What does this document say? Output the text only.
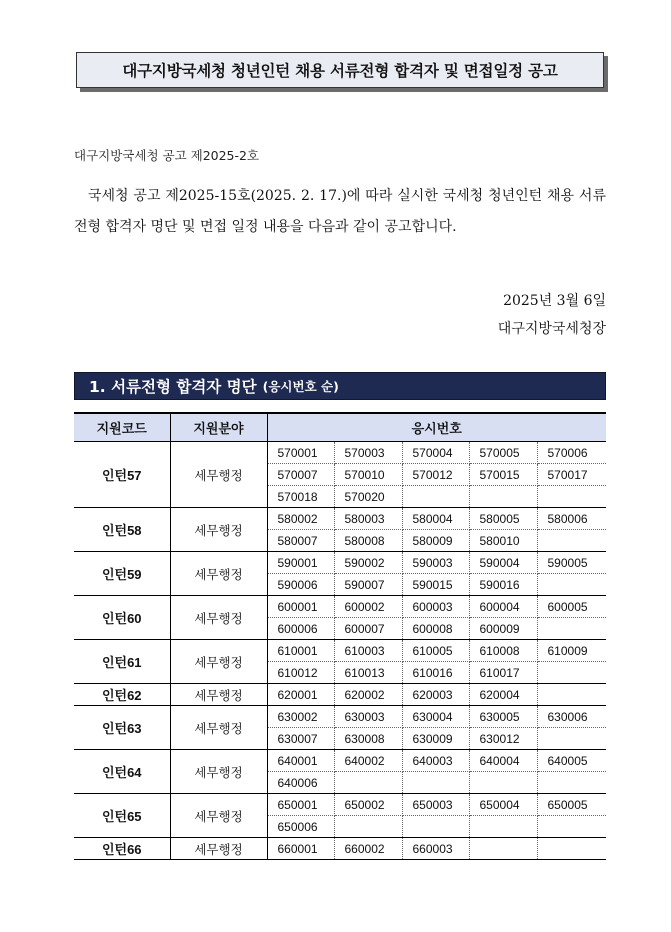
대구지방국세청 청년인턴 채용 서류전형 합격자 및 면접일정 공고
대구지방국세청 공고 제2025-2호
국세청 공고 제2025-15호(2025. 2. 17.)에 따라 실시한 국세청 청년인턴 채용 서류전형 합격자 명단 및 면접 일정 내용을 다음과 같이 공고합니다.
2025년 3월 6일
대구지방국세청장
1. 서류전형 합격자 명단 (응시번호 순)
지원코드	지원분야	응시번호				
인턴57	세무행정	570001	570003	570004	570005	570006
		570007	570010	570012	570015	570017
		570018	570020			
인턴58	세무행정	580002	580003	580004	580005	580006
		580007	580008	580009	580010	
인턴59	세무행정	590001	590002	590003	590004	590005
		590006	590007	590015	590016	
인턴60	세무행정	600001	600002	600003	600004	600005
		600006	600007	600008	600009	
인턴61	세무행정	610001	610003	610005	610008	610009
		610012	610013	610016	610017	
인턴62	세무행정	620001	620002	620003	620004	
인턴63	세무행정	630002	630003	630004	630005	630006
		630007	630008	630009	630012	
인턴64	세무행정	640001	640002	640003	640004	640005
		640006				
인턴65	세무행정	650001	650002	650003	650004	650005
		650006				
인턴66	세무행정	660001	660002	660003		
